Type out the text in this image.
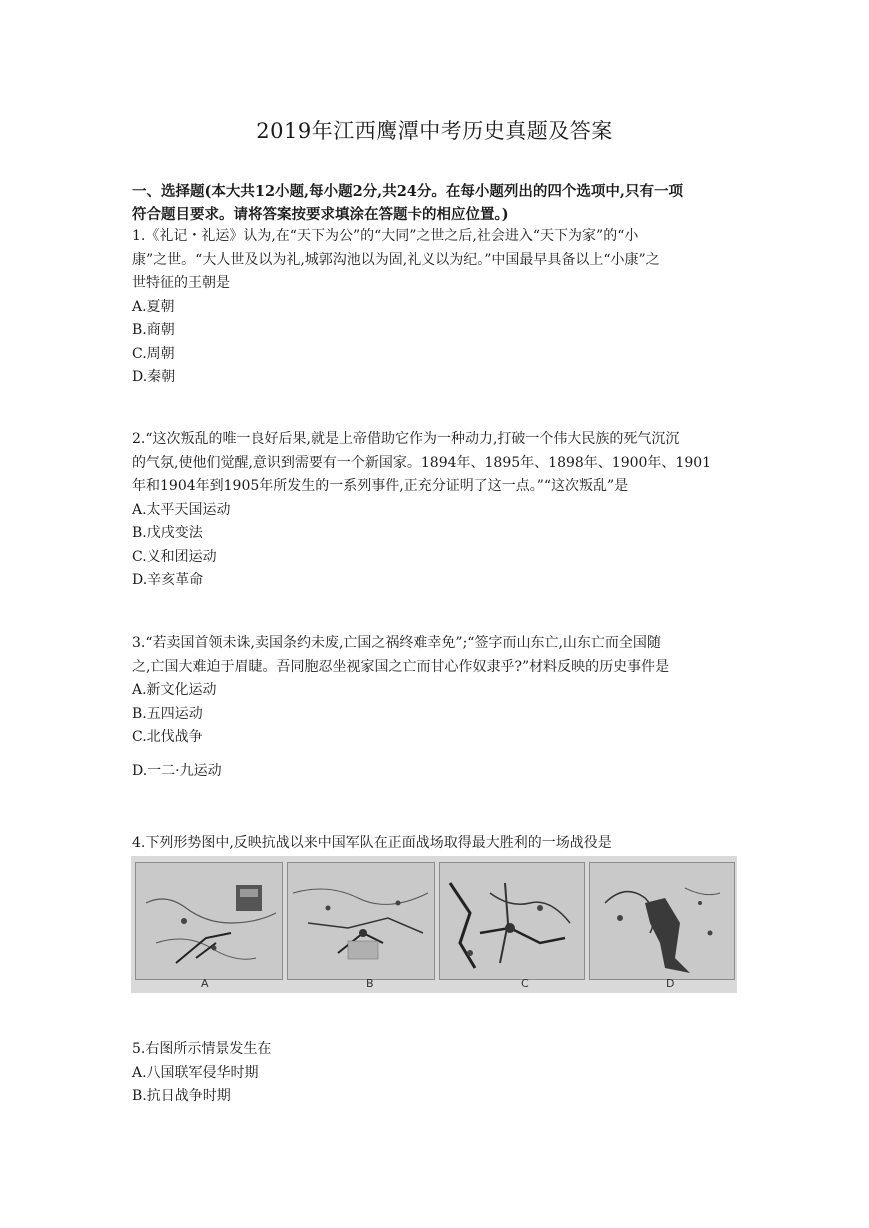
2019年江西鹰潭中考历史真题及答案
一、选择题(本大共12小题,每小题2分,共24分。在每小题列出的四个选项中,只有一项
符合题目要求。请将答案按要求填涂在答题卡的相应位置。)

1.《礼记・礼运》认为,在“天下为公”的“大同”之世之后,社会进入“天下为家”的“小

康”之世。“大人世及以为礼,城郭沟池以为固,礼义以为纪。”中国最早具备以上“小康”之

世特征的王朝是

A.夏朝

B.商朝

C.周朝

D.秦朝

2.“这次叛乱的唯一良好后果,就是上帝借助它作为一种动力,打破一个伟大民族的死气沉沉

的气氛,使他们觉醒,意识到需要有一个新国家。1894年、1895年、1898年、1900年、1901

年和1904年到1905年所发生的一系列事件,正充分证明了这一点。”“这次叛乱”是

A.太平天国运动

B.戊戌变法

C.义和团运动

D.辛亥革命

3.“若卖国首领未诛,卖国条约未废,亡国之祸终难幸免”;“签字而山东亡,山东亡而全国随

之,亡国大难迫于眉睫。吾同胞忍坐视家国之亡而甘心作奴隶乎?”材料反映的历史事件是

A.新文化运动

B.五四运动

C.北伐战争

D.一二·九运动

4.下列形势图中,反映抗战以来中国军队在正面战场取得最大胜利的一场战役是

A	B	C	D

5.右图所示情景发生在

A.八国联军侵华时期

B.抗日战争时期
